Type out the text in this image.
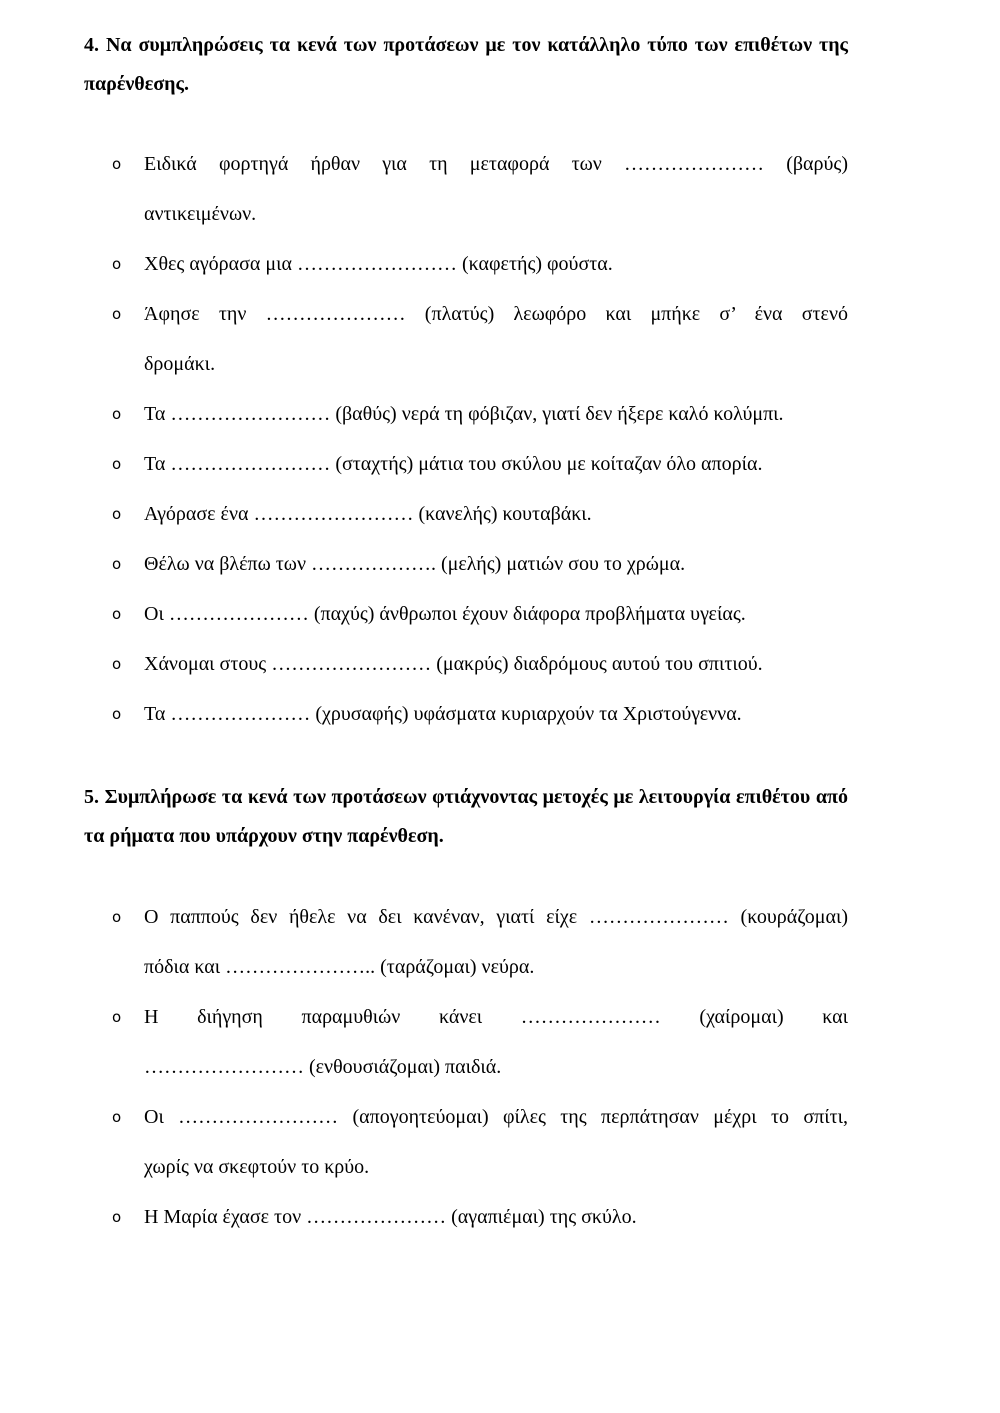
4. Να συμπληρώσεις τα κενά των προτάσεων με τον κατάλληλο τύπο των επιθέτων της παρένθεσης.
o Ειδικά φορτηγά ήρθαν για τη μεταφορά των ………………… (βαρύς)
αντικειμένων.
o Χθες αγόρασα μια …………………… (καφετής) φούστα.
o Άφησε την ………………… (πλατύς) λεωφόρο και μπήκε σ’ ένα στενό
δρομάκι.
o Τα …………………… (βαθύς) νερά τη φόβιζαν, γιατί δεν ήξερε καλό κολύμπι.
o Τα …………………… (σταχτής) μάτια του σκύλου με κοίταζαν όλο απορία.
o Αγόρασε ένα …………………… (κανελής) κουταβάκι.
o Θέλω να βλέπω των ………………. (μελής) ματιών σου το χρώμα.
o Οι ………………… (παχύς) άνθρωποι έχουν διάφορα προβλήματα υγείας.
o Χάνομαι στους …………………… (μακρύς) διαδρόμους αυτού του σπιτιού.
o Τα ………………… (χρυσαφής) υφάσματα κυριαρχούν τα Χριστούγεννα.
5. Συμπλήρωσε τα κενά των προτάσεων φτιάχνοντας μετοχές με λειτουργία επιθέτου από τα ρήματα που υπάρχουν στην παρένθεση.
o Ο παππούς δεν ήθελε να δει κανέναν, γιατί είχε ………………… (κουράζομαι)
πόδια και ………………….. (ταράζομαι) νεύρα.
o Η διήγηση παραμυθιών κάνει ………………… (χαίρομαι) και
…………………… (ενθουσιάζομαι) παιδιά.
o Οι …………………… (απογοητεύομαι) φίλες της περπάτησαν μέχρι το σπίτι,
χωρίς να σκεφτούν το κρύο.
o Η Μαρία έχασε τον ………………… (αγαπιέμαι) της σκύλο.
